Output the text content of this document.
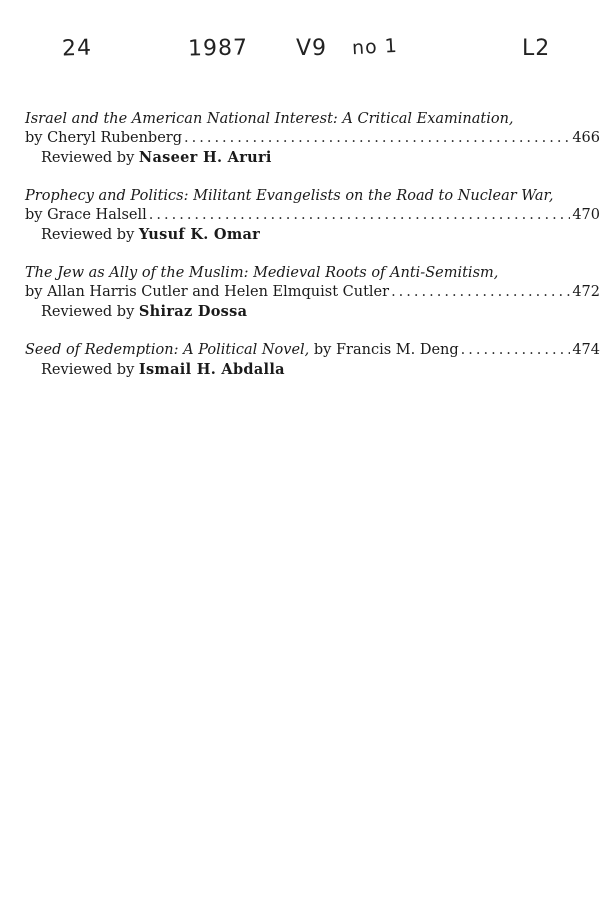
24	1987 V9 no 1	L2
Israel and the American National Interest: A Critical Examination,
by Cheryl Rubenberg .....	466
Reviewed by Naseer H. Aruri
Prophecy and Politics: Militant Evangelists on the Road to Nuclear War,
by Grace Halsell .....	470
Reviewed by Yusuf K. Omar
The Jew as Ally of the Muslim: Medieval Roots of Anti-Semitism,
by Allan Harris Cutler and Helen Elmquist Cutler .....	472
Reviewed by Shiraz Dossa
Seed of Redemption: A Political Novel, by Francis M. Deng .....	474
Reviewed by Ismail H. Abdalla
